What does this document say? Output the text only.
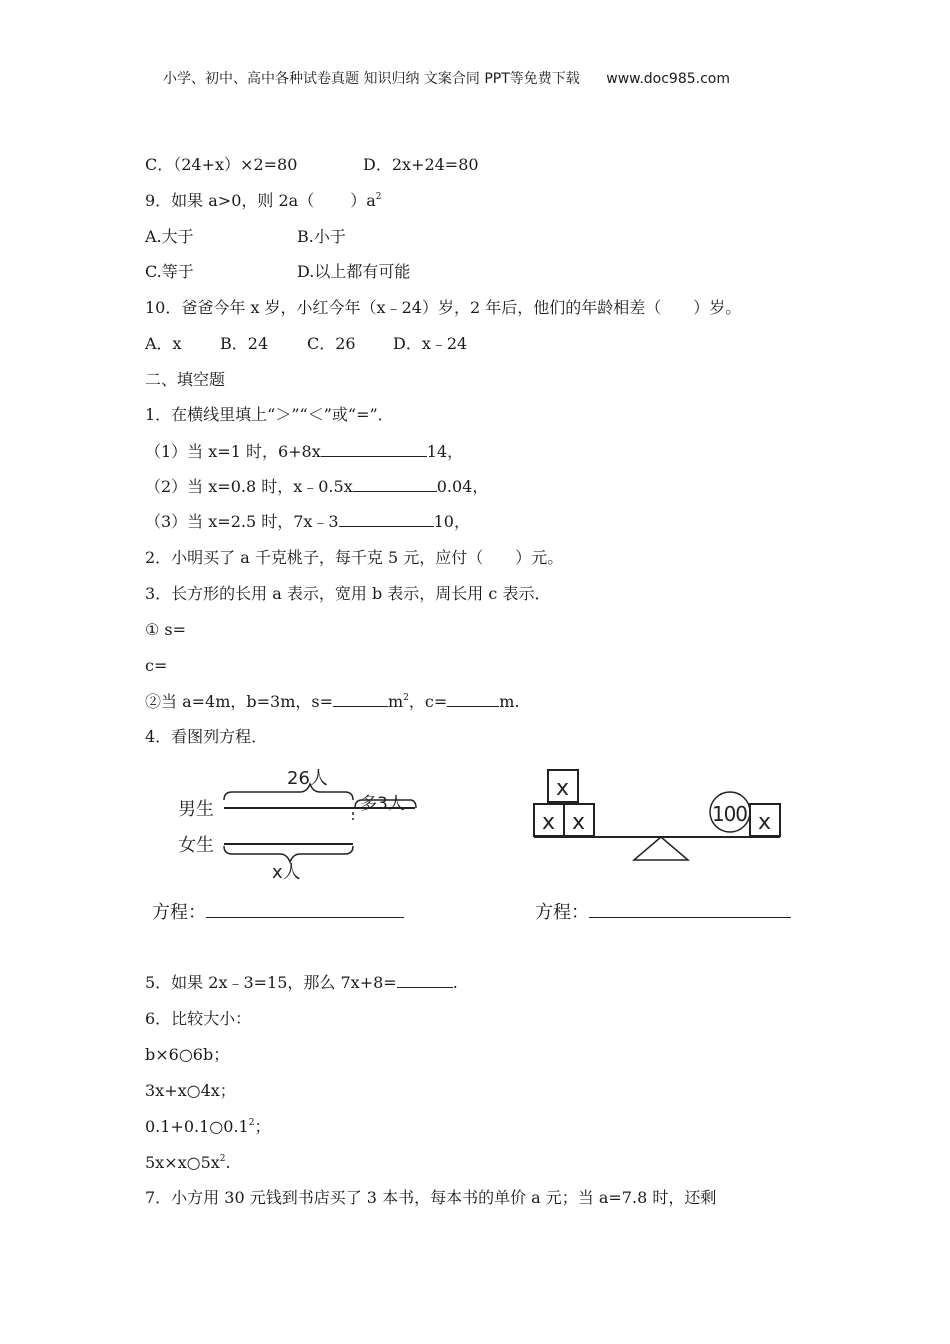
小学、初中、高中各种试卷真题 知识归纳 文案合同 PPT等免费下载 www.doc985.com
C．（24+x）×2=80	D．2x+24=80
9．如果 a>0，则 2a（ ）$a^2$
A.大于	B.小于
C.等于	D.以上都有可能
10．爸爸今年 x 岁，小红今年（x﹣24）岁，2 年后，他们的年龄相差（　　）岁。
A．x B．24 C．26 D．x﹣24
二、填空题
1．在横线里填上“＞”“＜”或“=”．
（1）当 x=1 时，6+8x	14，
（2）当 x=0.8 时，x﹣0.5x	0.04，
（3）当 x=2.5 时，7x﹣3	10，
2．小明买了 a 千克桃子，每千克 5 元，应付（　　）元。
3．长方形的长用 a 表示，宽用 b 表示，周长用 c 表示．
① s=
c=
②当 a=4m，b=3m，s=	$m^2$，c=	m.
4．看图列方程．
26人
男生	多3人
女生
x人
x
x x	100 x
方程：	方程：
5．如果 2x﹣3=15，那么 7x+8=	.
6．比较大小：
b×6○6b；
3x+x○4x；
$0.1+0.1○0.1^2$；
$5x\times x○5x^2$.
7．小方用 30 元钱到书店买了 3 本书，每本书的单价 a 元；当 a=7.8 时，还剩
